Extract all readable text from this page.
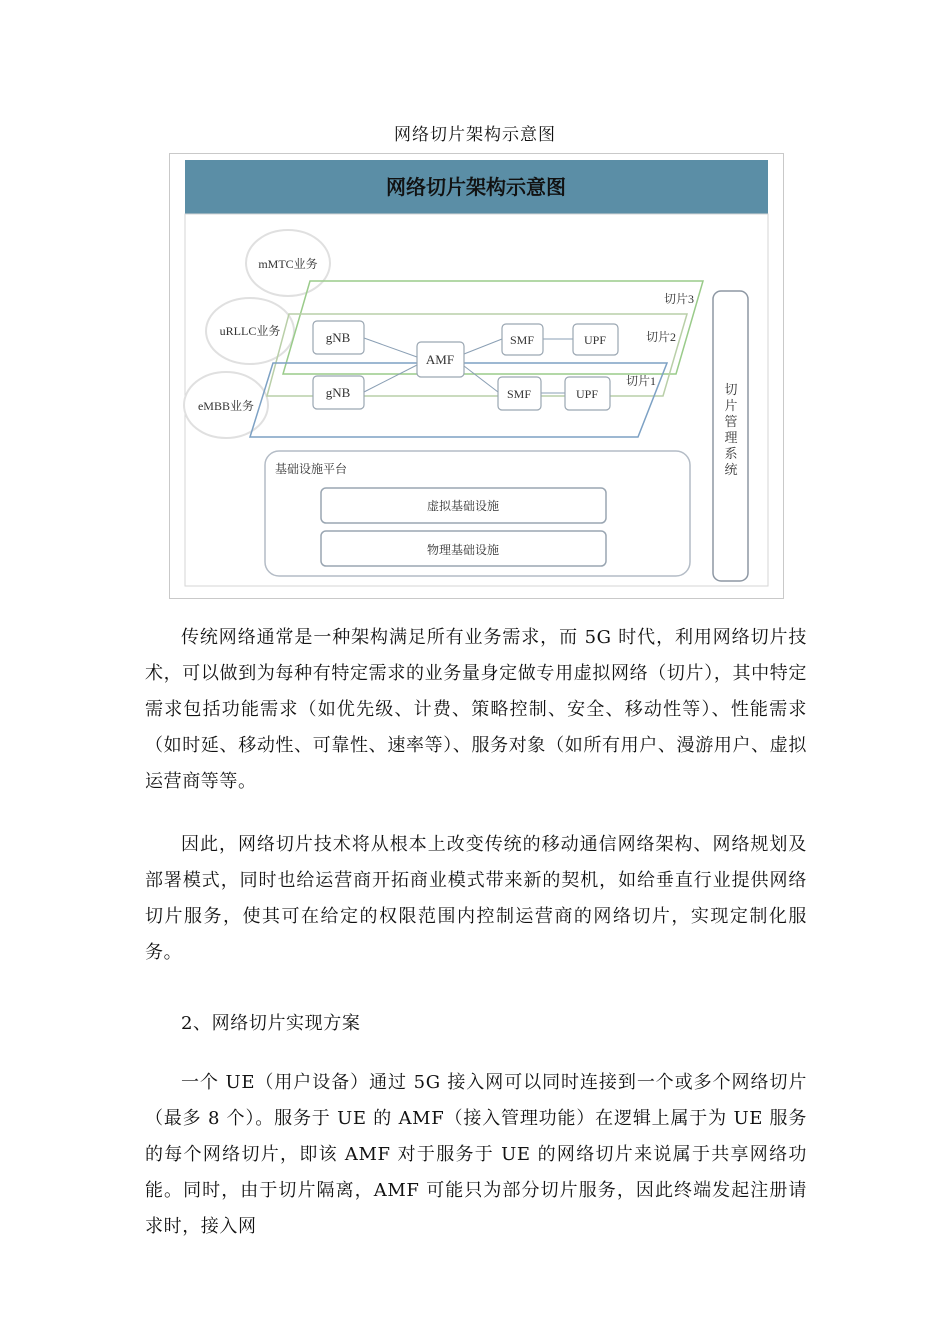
网络切片架构示意图
网络切片架构示意图
mMTC业务
uRLLC业务
eMBB业务
切片3
切片2
切片1
gNB
gNB
AMF
SMF	UPF
SMF	UPF
基础设施平台
虚拟基础设施
物理基础设施
切
片
管
理
系
统

传统网络通常是一种架构满足所有业务需求，而 5G 时代，利用网络切片技术，可以做到为每种有特定需求的业务量身定做专用虚拟网络（切片），其中特定需求包括功能需求（如优先级、计费、策略控制、安全、移动性等）、性能需求（如时延、移动性、可靠性、速率等）、服务对象（如所有用户、漫游用户、虚拟运营商等等。

因此，网络切片技术将从根本上改变传统的移动通信网络架构、网络规划及部署模式，同时也给运营商开拓商业模式带来新的契机，如给垂直行业提供网络切片服务，使其可在给定的权限范围内控制运营商的网络切片，实现定制化服务。

2、网络切片实现方案

一个 UE（用户设备）通过 5G 接入网可以同时连接到一个或多个网络切片（最多 8 个）。服务于 UE 的 AMF（接入管理功能）在逻辑上属于为 UE 服务的每个网络切片，即该 AMF 对于服务于 UE 的网络切片来说属于共享网络功能。同时，由于切片隔离，AMF 可能只为部分切片服务，因此终端发起注册请求时，接入网
